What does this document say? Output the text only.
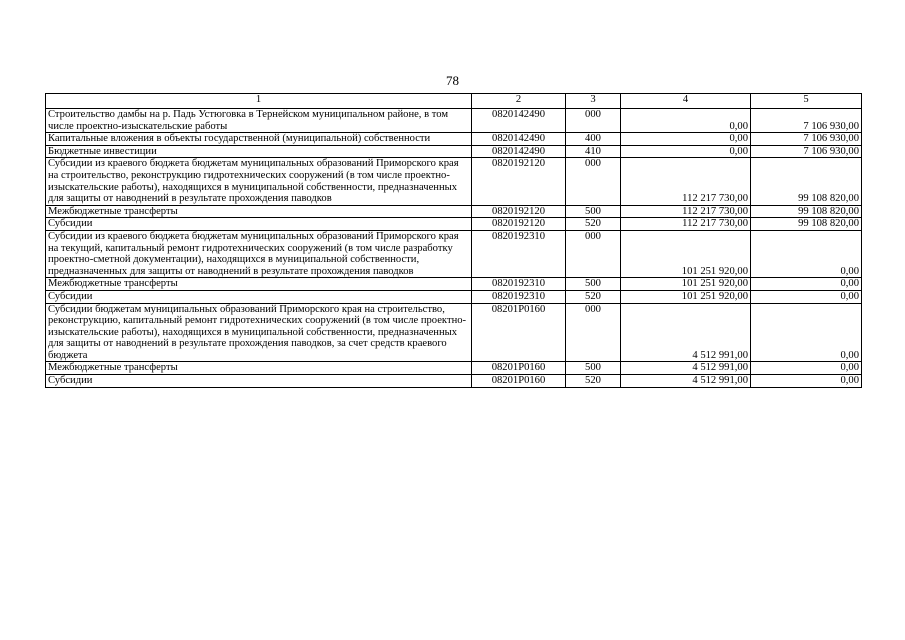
78
1	2	3	4	5
Строительство дамбы на р. Падь Устюговка в Тернейском муниципальном районе, в том числе проектно-изыскательские работы	0820142490	000	0,00	7 106 930,00
Капитальные вложения в объекты государственной (муниципальной) собственности	0820142490	400	0,00	7 106 930,00
Бюджетные инвестиции	0820142490	410	0,00	7 106 930,00
Субсидии из краевого бюджета бюджетам муниципальных образований Приморского края на строительство, реконструкцию гидротехнических сооружений (в том числе проектно-изыскательские работы), находящихся в муниципальной собственности, предназначенных для защиты от наводнений в результате прохождения паводков	0820192120	000	112 217 730,00	99 108 820,00
Межбюджетные трансферты	0820192120	500	112 217 730,00	99 108 820,00
Субсидии	0820192120	520	112 217 730,00	99 108 820,00
Субсидии из краевого бюджета бюджетам муниципальных образований Приморского края на текущий, капитальный ремонт гидротехнических сооружений (в том числе разработку проектно-сметной документации), находящихся в муниципальной собственности, предназначенных для защиты от наводнений в результате прохождения паводков	0820192310	000	101 251 920,00	0,00
Межбюджетные трансферты	0820192310	500	101 251 920,00	0,00
Субсидии	0820192310	520	101 251 920,00	0,00
Субсидии бюджетам муниципальных образований Приморского края на строительство, реконструкцию, капитальный ремонт гидротехнических сооружений (в том числе проектно-изыскательские работы), находящихся в муниципальной собственности, предназначенных для защиты от наводнений в результате прохождения паводков, за счет средств краевого бюджета	08201Р0160	000	4 512 991,00	0,00
Межбюджетные трансферты	08201Р0160	500	4 512 991,00	0,00
Субсидии	08201Р0160	520	4 512 991,00	0,00
